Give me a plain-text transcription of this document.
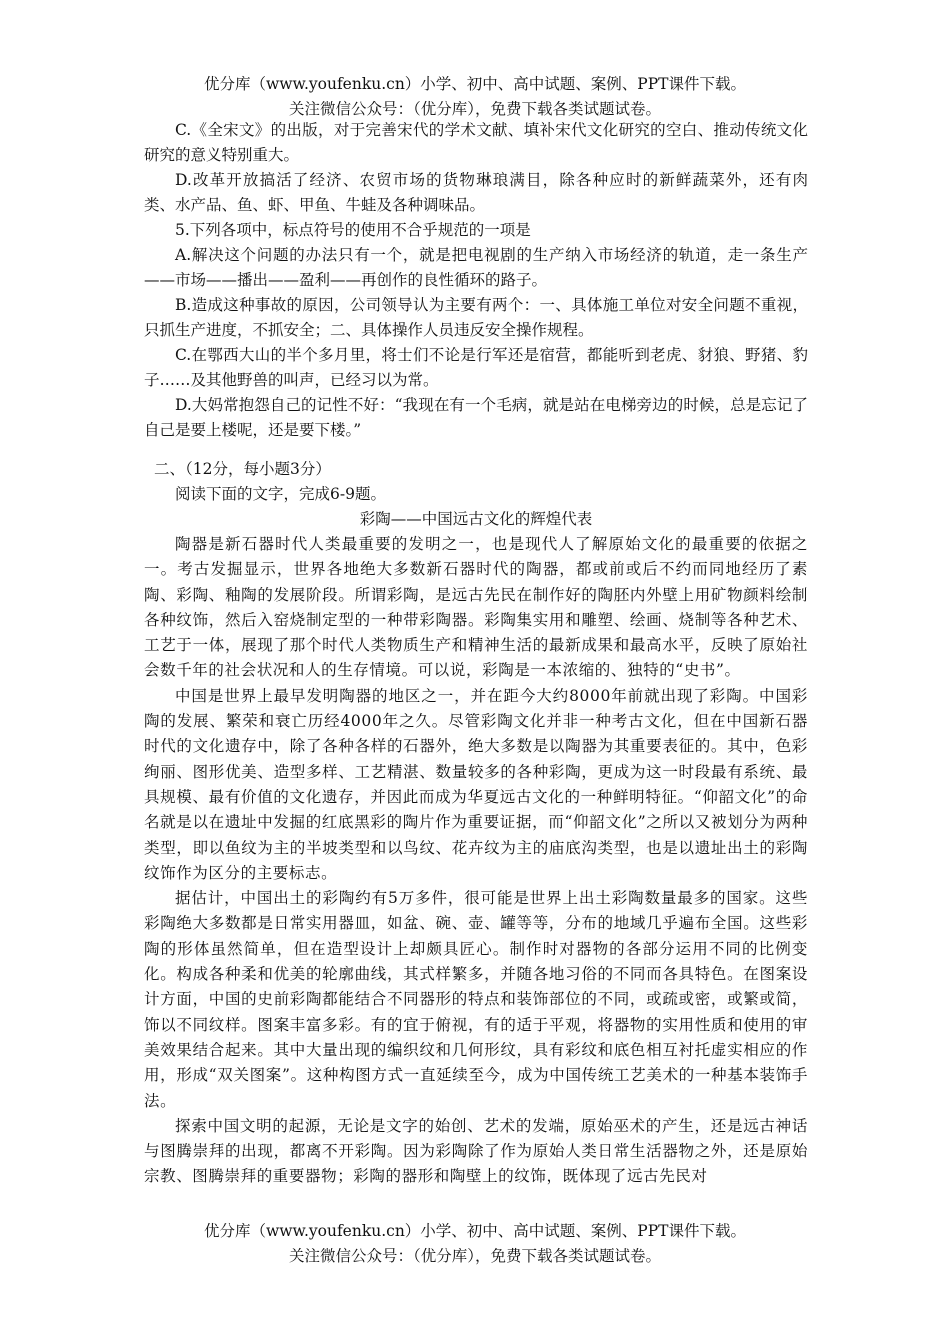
优分库（www.youfenku.cn）小学、初中、高中试题、案例、PPT课件下载。
关注微信公众号：（优分库），免费下载各类试题试卷。

C.《全宋文》的出版，对于完善宋代的学术文献、填补宋代文化研究的空白、推动传统文化研究的意义特别重大。

D.改革开放搞活了经济、农贸市场的货物琳琅满目，除各种应时的新鲜蔬菜外，还有肉　类、水产品、鱼、虾、甲鱼、牛蛙及各种调味品。

5.下列各项中，标点符号的使用不合乎规范的一项是

A.解决这个问题的办法只有一个，就是把电视剧的生产纳入市场经济的轨道，走一条生产——市场——播出——盈利——再创作的良性循环的路子。

B.造成这种事故的原因，公司领导认为主要有两个：一、具体施工单位对安全问题不重视，只抓生产进度，不抓安全；二、具体操作人员违反安全操作规程。

C.在鄂西大山的半个多月里，将士们不论是行军还是宿营，都能听到老虎、豺狼、野猪、豹子……及其他野兽的叫声，已经习以为常。

D.大妈常抱怨自己的记性不好：“我现在有一个毛病，就是站在电梯旁边的时候，总是忘记了自己是要上楼呢，还是要下楼。”

二、（12分，每小题3分）

阅读下面的文字，完成6-9题。

彩陶——中国远古文化的辉煌代表

陶器是新石器时代人类最重要的发明之一，也是现代人了解原始文化的最重要的依据之一。考古发掘显示，世界各地绝大多数新石器时代的陶器，都或前或后不约而同地经历了素陶、彩陶、釉陶的发展阶段。所谓彩陶，是远古先民在制作好的陶胚内外壁上用矿物颜料绘制各种纹饰，然后入窑烧制定型的一种带彩陶器。彩陶集实用和雕塑、绘画、烧制等各种艺术、工艺于一体，展现了那个时代人类物质生产和精神生活的最新成果和最高水平，反映了原始社会数千年的社会状况和人的生存情境。可以说，彩陶是一本浓缩的、独特的“史书”。

中国是世界上最早发明陶器的地区之一，并在距今大约8000年前就出现了彩陶。中国彩陶的发展、繁荣和衰亡历经4000年之久。尽管彩陶文化并非一种考古文化，但在中国新石器时代的文化遗存中，除了各种各样的石器外，绝大多数是以陶器为其重要表征的。其中，色彩绚丽、图形优美、造型多样、工艺精湛、数量较多的各种彩陶，更成为这一时段最有系统、最具规模、最有价值的文化遗存，并因此而成为华夏远古文化的一种鲜明特征。“仰韶文化”的命名就是以在遗址中发掘的红底黑彩的陶片作为重要证据，而“仰韶文化”之所以又被划分为两种类型，即以鱼纹为主的半坡类型和以鸟纹、花卉纹为主的庙底沟类型，也是以遗址出土的彩陶纹饰作为区分的主要标志。

据估计，中国出土的彩陶约有5万多件，很可能是世界上出土彩陶数量最多的国家。这些彩陶绝大多数都是日常实用器皿，如盆、碗、壶、罐等等，分布的地域几乎遍布全国。这些彩陶的形体虽然简单，但在造型设计上却颇具匠心。制作时对器物的各部分运用不同的比例变化。构成各种柔和优美的轮廓曲线，其式样繁多，并随各地习俗的不同而各具特色。在图案设计方面，中国的史前彩陶都能结合不同器形的特点和装饰部位的不同，或疏或密，或繁或简，饰以不同纹样。图案丰富多彩。有的宜于俯视，有的适于平观，将器物的实用性质和使用的审美效果结合起来。其中大量出现的编织纹和几何形纹，具有彩纹和底色相互衬托虚实相应的作用，形成“双关图案”。这种构图方式一直延续至今，成为中国传统工艺美术的一种基本装饰手法。

探索中国文明的起源，无论是文字的始创、艺术的发端，原始巫术的产生，还是远古神话与图腾崇拜的出现，都离不开彩陶。因为彩陶除了作为原始人类日常生活器物之外，还是原始宗教、图腾崇拜的重要器物；彩陶的器形和陶壁上的纹饰，既体现了远古先民对

优分库（www.youfenku.cn）小学、初中、高中试题、案例、PPT课件下载。
关注微信公众号：（优分库），免费下载各类试题试卷。
